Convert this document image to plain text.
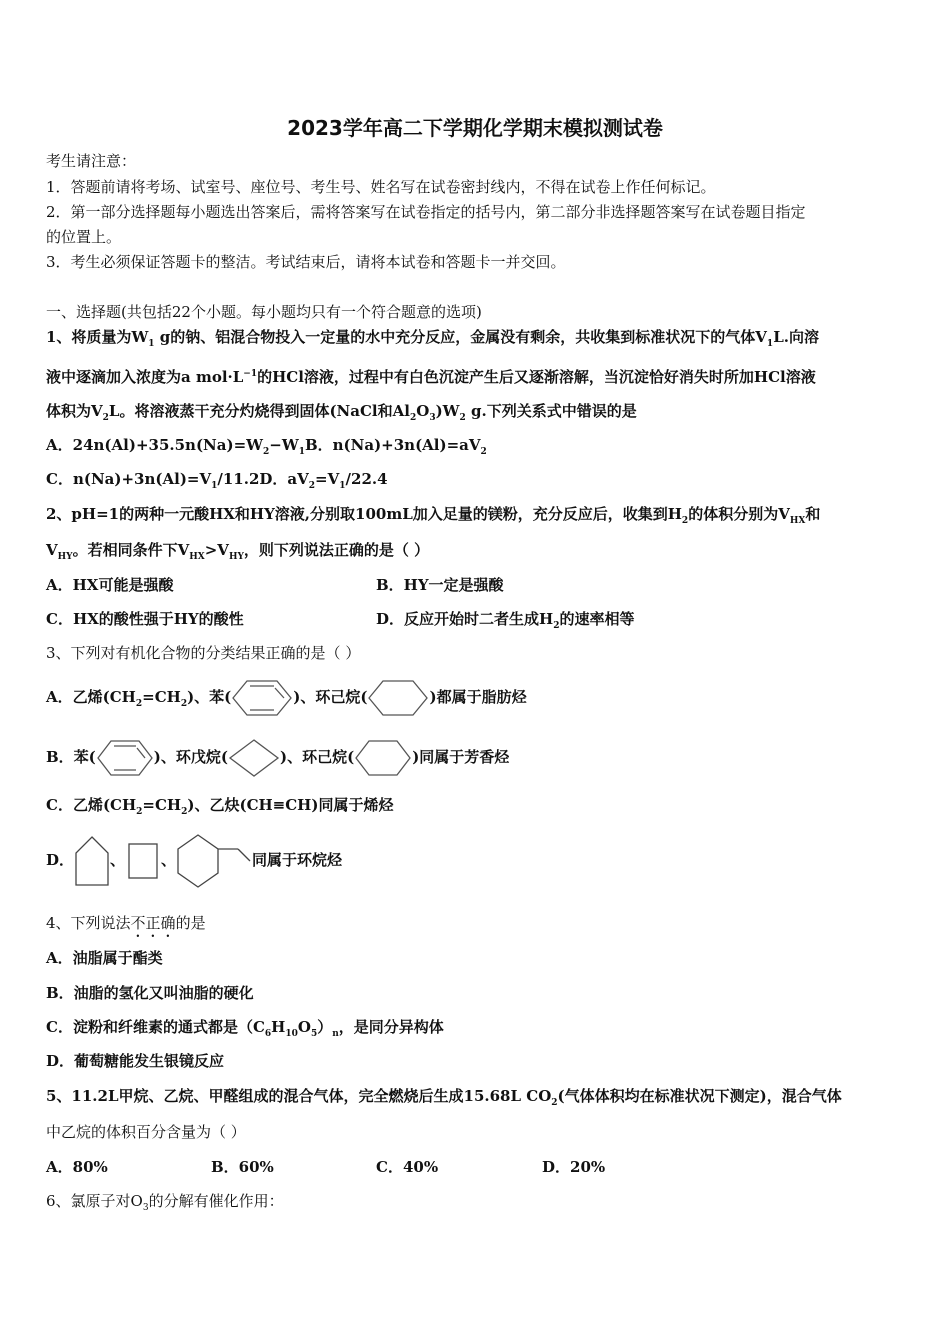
2023学年高二下学期化学期末模拟测试卷
考生请注意：
1．答题前请将考场、试室号、座位号、考生号、姓名写在试卷密封线内，不得在试卷上作任何标记。
2．第一部分选择题每小题选出答案后，需将答案写在试卷指定的括号内，第二部分非选择题答案写在试卷题目指定
的位置上。
3．考生必须保证答题卡的整洁。考试结束后，请将本试卷和答题卡一并交回。
一、选择题(共包括22个小题。每小题均只有一个符合题意的选项)
1、将质量为$W_1$ g的钠、铝混合物投入一定量的水中充分反应，金属没有剩余，共收集到标准状况下的气体$V_1L$.向溶
液中逐滴加入浓度为a $mol\cdot L^{-1}$的HCl溶液，过程中有白色沉淀产生后又逐渐溶解，当沉淀恰好消失时所加HCl溶液
体积为$V_2L$。将溶液蒸干充分灼烧得到固体(NaCl和$Al_2O_3)W_2$ g.下列关系式中错误的是
A．$24n(Al)+35.5n(Na)=W_2-W_1B$．$n(Na)+3n(Al)=aV_2$
C．$n(Na)+3n(Al)=V_1/11.2D$．$aV_2=V_1/22.4$
2、pH=1的两种一元酸HX和HY溶液,分别取100mL加入足量的镁粉，充分反应后，收集到$H_2$的体积分别为$V_{HX}$和
$V_{HY}$。若相同条件下$V_{HX}>V_{HY}$，则下列说法正确的是（ ）
A．HX可能是强酸	B．HY一定是强酸
C．HX的酸性强于HY的酸性	D．反应开始时二者生成$H_2$的速率相等
3、下列对有机化合物的分类结果正确的是（ ）
A．乙烯$(CH_2=CH_2)$、苯(	)、环己烷(	)都属于脂肪烃
B．苯(	)、环戊烷(	)、环己烷(	)同属于芳香烃
C．乙烯$(CH_2=CH_2)$、乙炔(CH≡CH)同属于烯烃
D． 、 、	同属于环烷烃
4、下列说法不正确的是
A．油脂属于酯类
B．油脂的氢化又叫油脂的硬化
C．淀粉和纤维素的通式都是$(C_6H_{10}O_5)_n$，是同分异构体
D．葡萄糖能发生银镜反应
5、11.2L甲烷、乙烷、甲醛组成的混合气体，完全燃烧后生成15.68L $CO_2$(气体体积均在标准状况下测定)，混合气体
中乙烷的体积百分含量为（ ）
A．80%	B．60%	C．40%	D．20%
6、氯原子对$O_3$的分解有催化作用：
